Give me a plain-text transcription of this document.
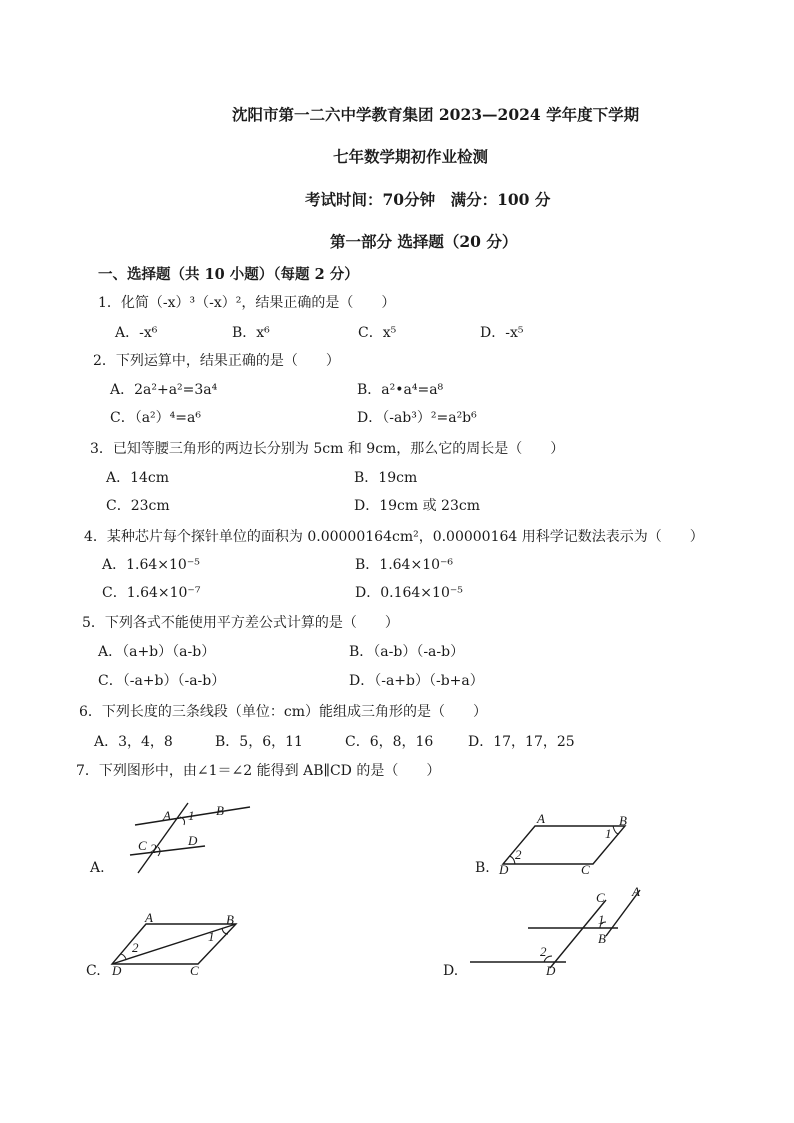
沈阳市第一二六中学教育集团 2023—2024 学年度下学期
七年数学期初作业检测
考试时间：70分钟　满分：100 分
第一部分 选择题（20 分）
一、选择题（共 10 小题）（每题 2 分）
1．化简（-x）³（-x）²，结果正确的是（　　）
A．-x⁶	B．x⁶	C．x⁵	D．-x⁵
2．下列运算中，结果正确的是（　　）
A．2a²+a²=3a⁴	B．a²•a⁴=a⁸
C．（a²）⁴=a⁶	D．（-ab³）²=a²b⁶
3．已知等腰三角形的两边长分别为 5cm 和 9cm，那么它的周长是（　　）
A．14cm	B．19cm
C．23cm	D．19cm 或 23cm
4．某种芯片每个探针单位的面积为 0.00000164cm²，0.00000164 用科学记数法表示为（　　）
A．1.64×10⁻⁵	B．1.64×10⁻⁶
C．1.64×10⁻⁷	D．0.164×10⁻⁵
5．下列各式不能使用平方差公式计算的是（　　）
A．（a+b）（a-b）	B．（a-b）（-a-b）
C．（-a+b）（-a-b）	D．（-a+b）（-b+a）
6．下列长度的三条线段（单位：cm）能组成三角形的是（　　）
A．3，4，8	B．5，6，11	C．6，8，16 D．17，17，25
7．下列图形中，由∠1＝∠2 能得到 AB∥CD 的是（　　）
A.	B.
C.	D.
A	B
1
C 2
D
A	B
1
2
D	C
A	B
1
2
D	C
C A
1
B
2
D
